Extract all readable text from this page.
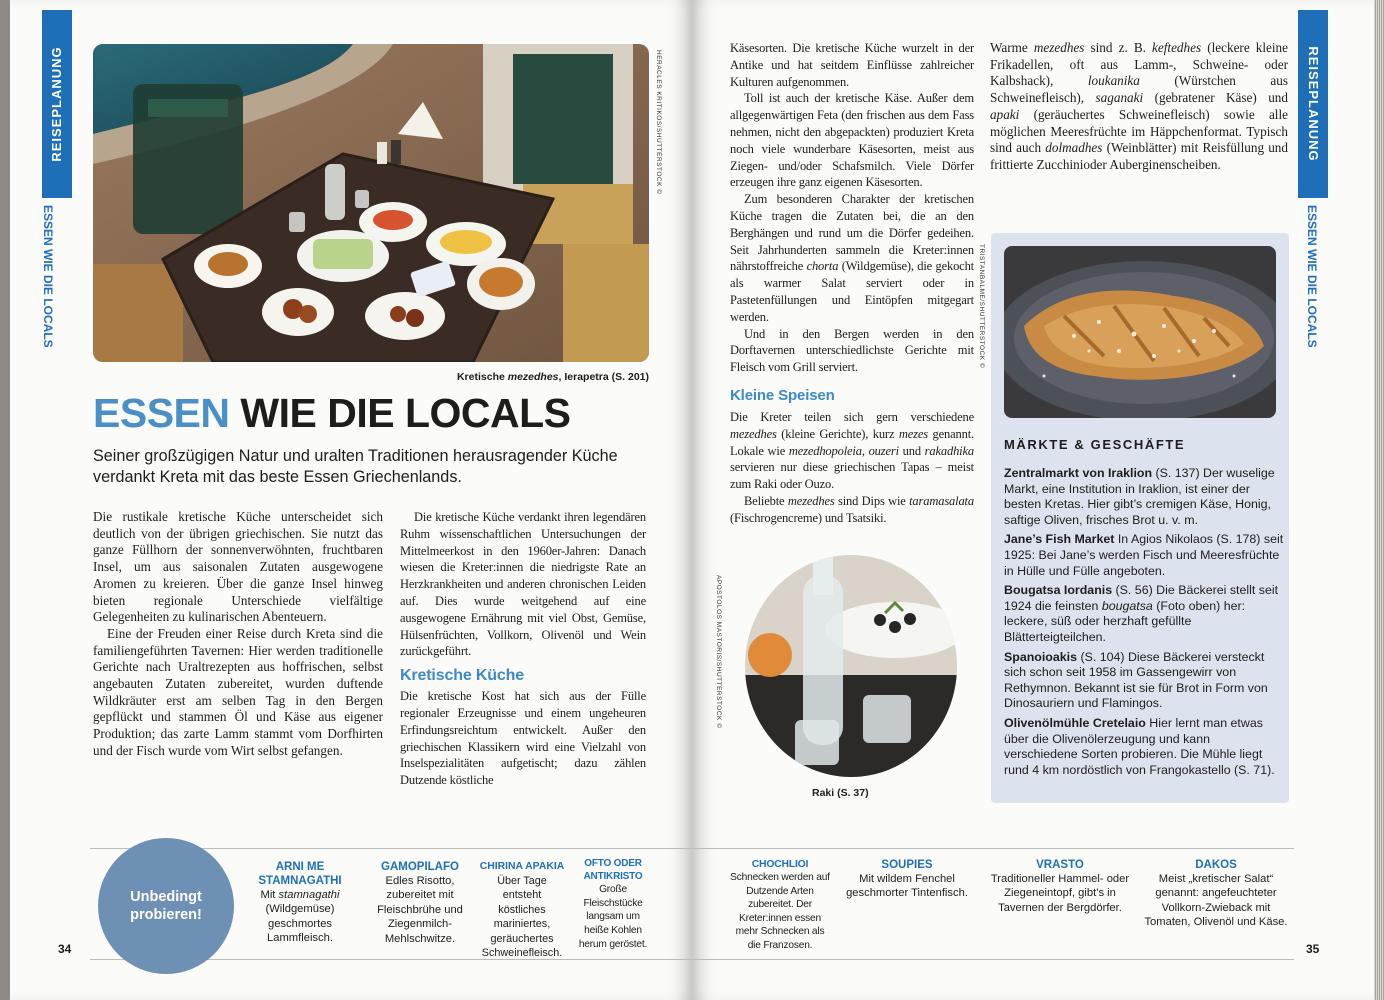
REISEPLANUNG
ESSEN WIE DIE LOCALS
HERACLES KRITIKOS/SHUTTERSTOCK ©
Kretische mezedhes, Ierapetra (S. 201)
ESSEN WIE DIE LOCALS
Seiner großzügigen Natur und uralten Traditionen herausragender Küche verdankt Kreta mit das beste Essen Griechenlands.

Die rustikale kretische Küche unterscheidet sich deutlich von der übrigen griechischen. Sie nutzt das ganze Füllhorn der sonnenverwöhnten, fruchtbaren Insel, um aus saisonalen Zutaten ausgewogene Aromen zu kreieren. Über die ganze Insel hinweg bieten regionale Unterschiede vielfältige Gelegenheiten zu kulinarischen Abenteuern.

Eine der Freuden einer Reise durch Kreta sind die familiengeführten Tavernen: Hier werden traditionelle Gerichte nach Uraltrezepten aus hoffrischen, selbst angebauten Zutaten zubereitet, wurden duftende Wildkräuter erst am selben Tag in den Bergen gepflückt und stammen Öl und Käse aus eigener Produktion; das zarte Lamm stammt vom Dorfhirten und der Fisch wurde vom Wirt selbst gefangen.

Die kretische Küche verdankt ihren legendären Ruhm wissenschaftlichen Untersuchungen der Mittelmeerkost in den 1960er-Jahren: Danach wiesen die Kreter:innen die niedrigste Rate an Herzkrankheiten und anderen chronischen Leiden auf. Dies wurde weitgehend auf eine ausgewogene Ernährung mit viel Obst, Gemüse, Hülsenfrüchten, Vollkorn, Olivenöl und Wein zurückgeführt.

Kretische Küche

Die kretische Kost hat sich aus der Fülle regionaler Erzeugnisse und einem ungeheuren Erfindungsreichtum entwickelt. Außer den griechischen Klassikern wird eine Vielzahl von Inselspezialitäten aufgetischt; dazu zählen Dutzende köstliche

Unbedingt probieren!
ARNI ME STAMNAGATHI
Mit stamnagathi (Wildgemüse) geschmortes Lammfleisch.
GAMOPILAFO
Edles Risotto, zubereitet mit Fleischbrühe und Ziegenmilch-Mehlschwitze.
CHIRINA APAKIA
Über Tage entsteht köstliches mariniertes, geräuchertes Schweinefleisch.
OFTO ODER ANTIKRISTO
Große Fleischstücke langsam um heiße Kohlen herum geröstet.
34
REISEPLANUNG
ESSEN WIE DIE LOCALS

Käsesorten. Die kretische Küche wurzelt in der Antike und hat seitdem Einflüsse zahlreicher Kulturen aufgenommen.

Toll ist auch der kretische Käse. Außer dem allgegenwärtigen Feta (den frischen aus dem Fass nehmen, nicht den abgepackten) produziert Kreta noch viele wunderbare Käsesorten, meist aus Ziegen- und/oder Schafsmilch. Viele Dörfer erzeugen ihre ganz eigenen Käsesorten.

Zum besonderen Charakter der kretischen Küche tragen die Zutaten bei, die an den Berghängen und rund um die Dörfer gedeihen. Seit Jahrhunderten sammeln die Kreter:innen nährstoffreiche chorta (Wildgemüse), die gekocht als warmer Salat serviert oder in Pastetenfüllungen und Eintöpfen mitgegart werden.

Und in den Bergen werden in den Dorftavernen unterschiedlichste Gerichte mit Fleisch vom Grill serviert.

Kleine Speisen

Die Kreter teilen sich gern verschiedene mezedhes (kleine Gerichte), kurz mezes genannt. Lokale wie mezedhopoleia, ouzeri und rakadhika servieren nur diese griechischen Tapas – meist zum Raki oder Ouzo.

Beliebte mezedhes sind Dips wie taramasalata (Fischrogencreme) und Tsatsiki.

Warme mezedhes sind z. B. keftedhes (leckere kleine Frikadellen, oft aus Lamm-, Schweine- oder Kalbshack), loukanika (Würstchen aus Schweinefleisch), saganaki (gebratener Käse) und apaki (geräuchertes Schweinefleisch) sowie alle möglichen Meeresfrüchte im Häppchenformat. Typisch sind auch dolmadhes (Weinblätter) mit Reisfüllung und frittierte Zucchinioder Auberginenscheiben.

MÄRKTE & GESCHÄFTE

Zentralmarkt von Iraklion (S. 137) Der wuselige Markt, eine Institution in Iraklion, ist einer der besten Kretas. Hier gibt’s cremigen Käse, Honig, saftige Oliven, frisches Brot u. v. m.

Jane’s Fish Market In Agios Nikolaos (S. 178) seit 1925: Bei Jane’s werden Fisch und Meeresfrüchte in Hülle und Fülle angeboten.

Bougatsa Iordanis (S. 56) Die Bäckerei stellt seit 1924 die feinsten bougatsa (Foto oben) her: leckere, süß oder herzhaft gefüllte Blätterteigteilchen.

Spanoioakis (S. 104) Diese Bäckerei versteckt sich schon seit 1958 im Gassengewirr von Rethymnon. Bekannt ist sie für Brot in Form von Dinosauriern und Flamingos.

Olivenölmühle Cretelaio Hier lernt man etwas über die Olivenölerzeugung und kann verschiedene Sorten probieren. Die Mühle liegt rund 4 km nordöstlich von Frangokastello (S. 71).

TRISTANBALME/SHUTTERSTOCK ©
APOSTOLOS MASTORIS/SHUTTERSTOCK ©
Raki (S. 37)
CHOCHLIOI
Schnecken werden auf Dutzende Arten zubereitet. Der Kreter:innen essen mehr Schnecken als die Franzosen.
SOUPIES
Mit wildem Fenchel geschmorter Tintenfisch.
VRASTO
Traditioneller Hammel- oder Ziegeneintopf, gibt’s in Tavernen der Bergdörfer.
DAKOS
Meist „kretischer Salat“ genannt: angefeuchteter Vollkorn-Zwieback mit Tomaten, Olivenöl und Käse.
35
